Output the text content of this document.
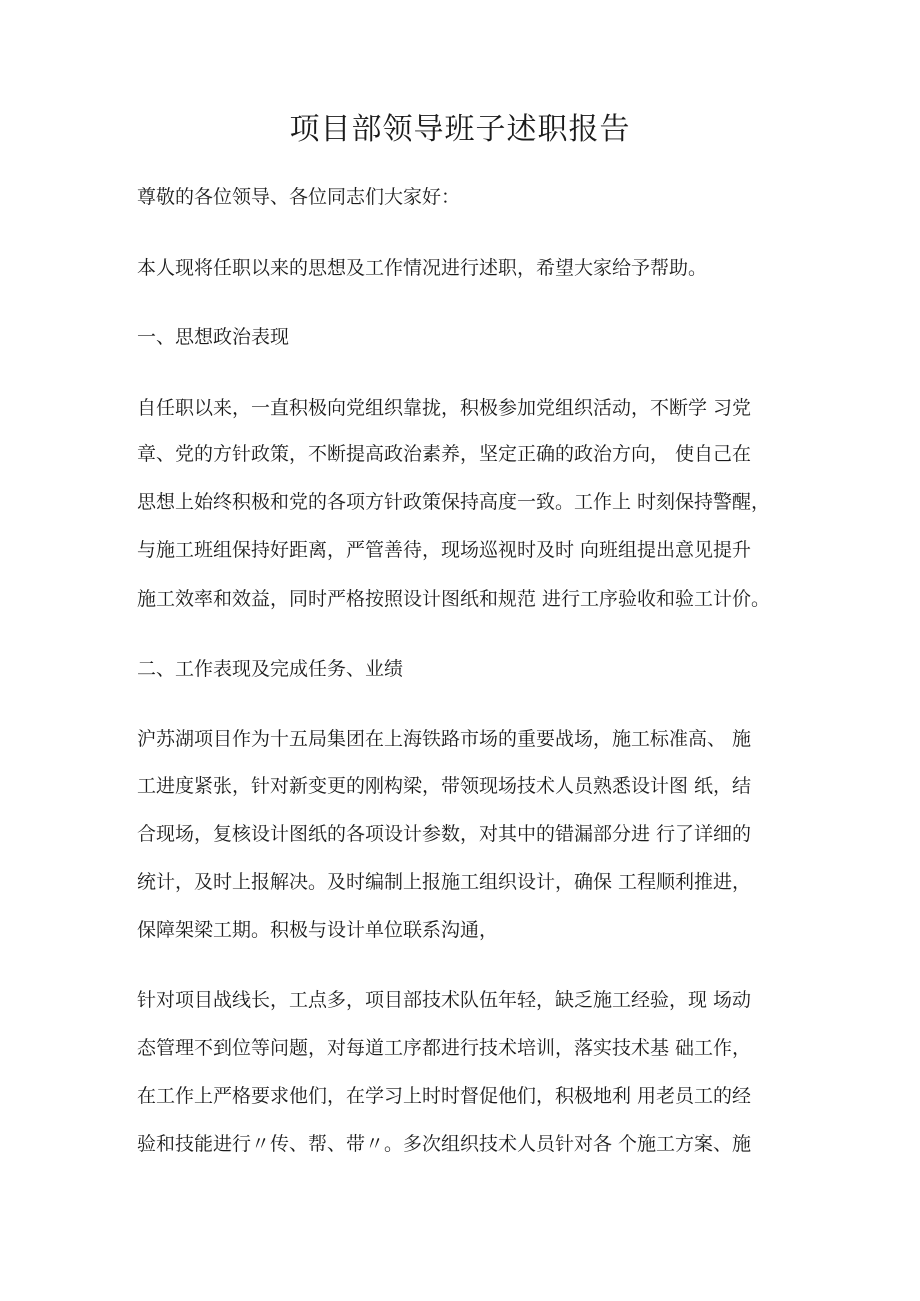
项目部领导班子述职报告

尊敬的各位领导、各位同志们大家好：

本人现将任职以来的思想及工作情况进行述职，希望大家给予帮助。

一、思想政治表现

自任职以来，一直积极向党组织靠拢，积极参加党组织活动，不断学 习党

章、党的方针政策，不断提高政治素养，坚定正确的政治方向， 使自己在

思想上始终积极和党的各项方针政策保持高度一致。工作上 时刻保持警醒，

与施工班组保持好距离，严管善待，现场巡视时及时 向班组提出意见提升

施工效率和效益，同时严格按照设计图纸和规范 进行工序验收和验工计价。

二、工作表现及完成任务、业绩

沪苏湖项目作为十五局集团在上海铁路市场的重要战场，施工标准高、 施

工进度紧张，针对新变更的刚构梁，带领现场技术人员熟悉设计图 纸，结

合现场，复核设计图纸的各项设计参数，对其中的错漏部分进 行了详细的

统计，及时上报解决。及时编制上报施工组织设计，确保 工程顺利推进，

保障架梁工期。积极与设计单位联系沟通，

针对项目战线长，工点多，项目部技术队伍年轻，缺乏施工经验，现 场动

态管理不到位等问题，对每道工序都进行技术培训，落实技术基 础工作，

在工作上严格要求他们，在学习上时时督促他们，积极地利 用老员工的经

验和技能进行〃传、帮、带〃。多次组织技术人员针对各 个施工方案、施
